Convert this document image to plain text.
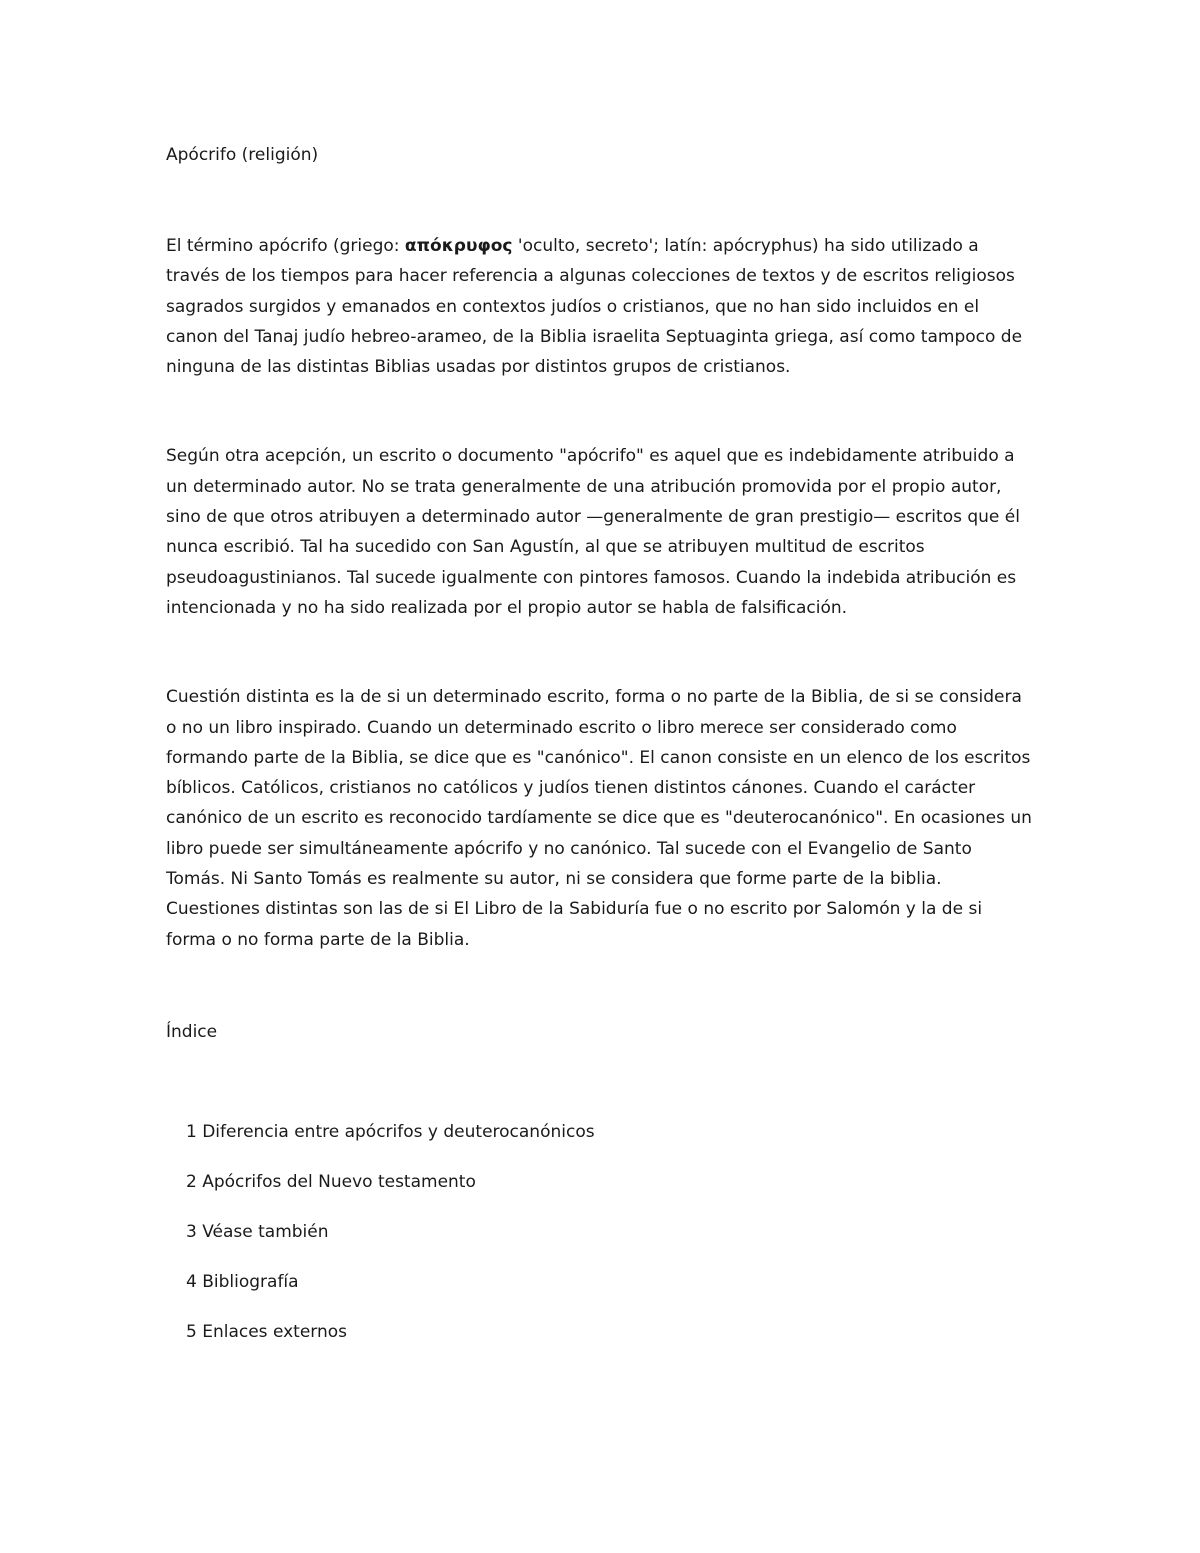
Apócrifo (religión)

El término apócrifo (griego: απόκρυφος 'oculto, secreto'; latín: apócryphus) ha sido utilizado a través de los tiempos para hacer referencia a algunas colecciones de textos y de escritos religiosos sagrados surgidos y emanados en contextos judíos o cristianos, que no han sido incluidos en el canon del Tanaj judío hebreo-arameo, de la Biblia israelita Septuaginta griega, así como tampoco de ninguna de las distintas Biblias usadas por distintos grupos de cristianos.

Según otra acepción, un escrito o documento "apócrifo" es aquel que es indebidamente atribuido a un determinado autor. No se trata generalmente de una atribución promovida por el propio autor, sino de que otros atribuyen a determinado autor —generalmente de gran prestigio— escritos que él nunca escribió. Tal ha sucedido con San Agustín, al que se atribuyen multitud de escritos pseudoagustinianos. Tal sucede igualmente con pintores famosos. Cuando la indebida atribución es intencionada y no ha sido realizada por el propio autor se habla de falsificación.

Cuestión distinta es la de si un determinado escrito, forma o no parte de la Biblia, de si se considera o no un libro inspirado. Cuando un determinado escrito o libro merece ser considerado como formando parte de la Biblia, se dice que es "canónico". El canon consiste en un elenco de los escritos bíblicos. Católicos, cristianos no católicos y judíos tienen distintos cánones. Cuando el carácter canónico de un escrito es reconocido tardíamente se dice que es "deuterocanónico". En ocasiones un libro puede ser simultáneamente apócrifo y no canónico. Tal sucede con el Evangelio de Santo Tomás. Ni Santo Tomás es realmente su autor, ni se considera que forme parte de la biblia. Cuestiones distintas son las de si El Libro de la Sabiduría fue o no escrito por Salomón y la de si forma o no forma parte de la Biblia.

Índice
1 Diferencia entre apócrifos y deuterocanónicos
2 Apócrifos del Nuevo testamento
3 Véase también
4 Bibliografía
5 Enlaces externos
